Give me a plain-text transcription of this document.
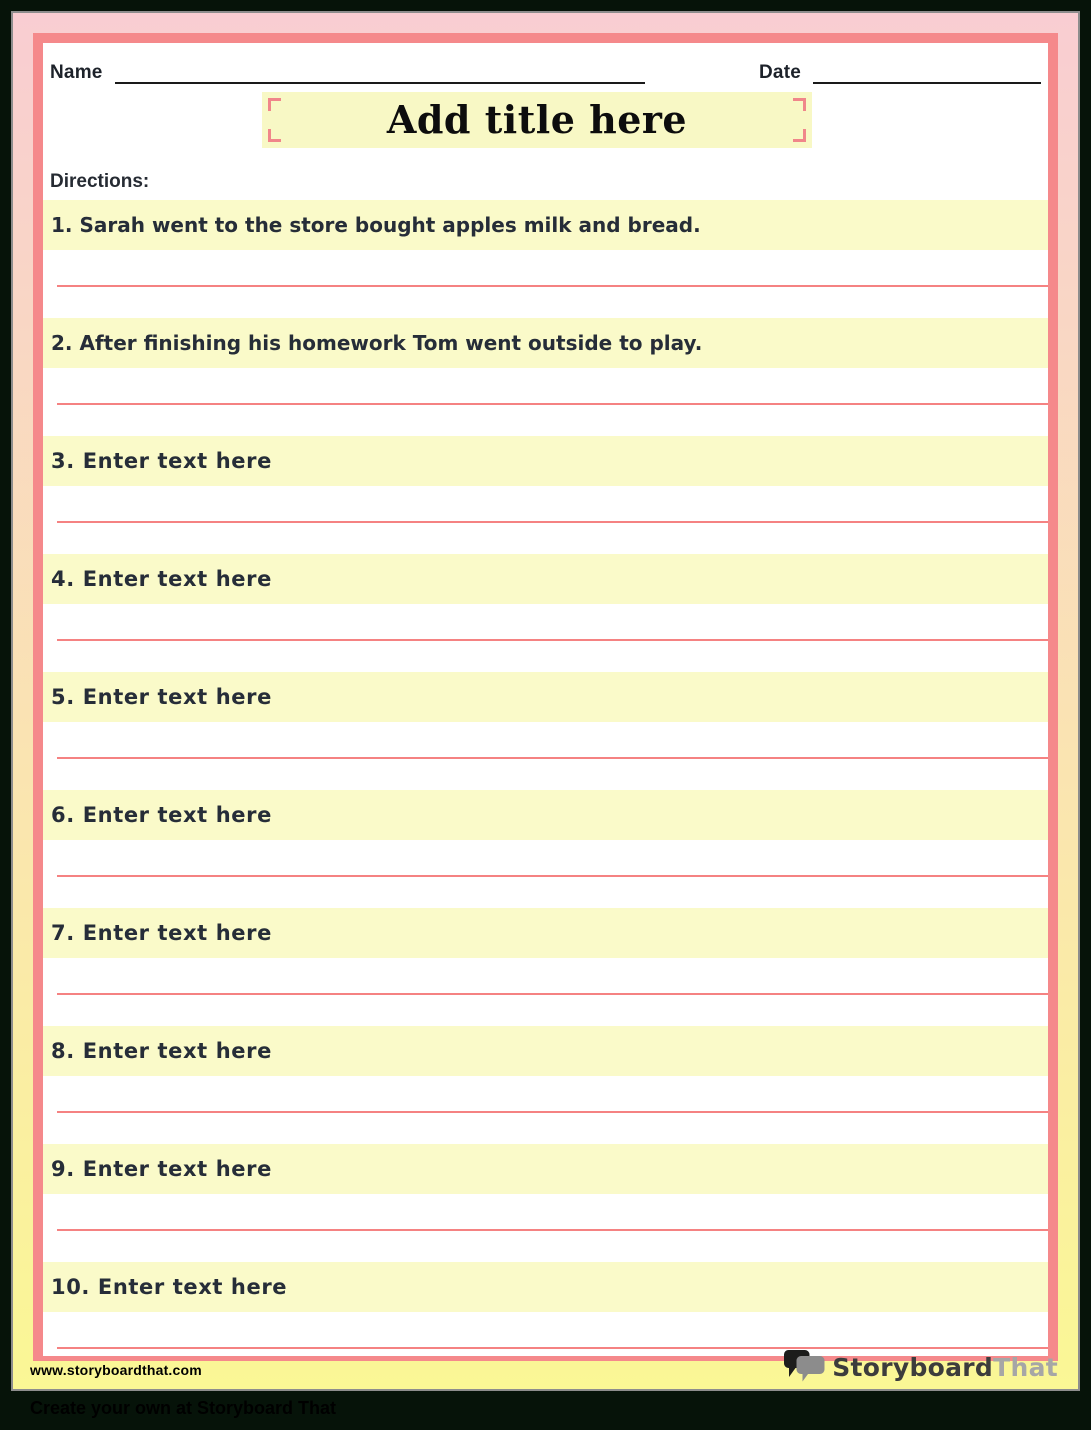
Name	Date
Add title here
Directions:
1. Sarah went to the store bought apples milk and bread.
2. After finishing his homework Tom went outside to play.
3. Enter text here
4. Enter text here
5. Enter text here
6. Enter text here
7. Enter text here
8. Enter text here
9. Enter text here
10. Enter text here
www.storyboardthat.com	StoryboardThat
Create your own at Storyboard That
